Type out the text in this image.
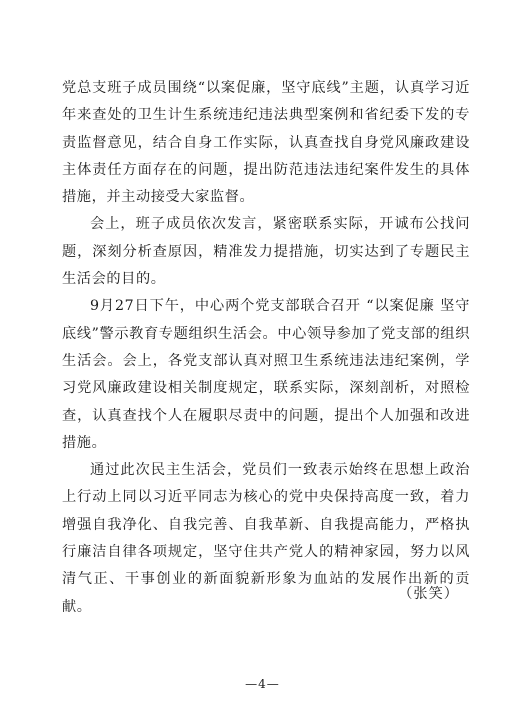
党总支班子成员围绕“以案促廉，坚守底线”主题，认真学习近年来查处的卫生计生系统违纪违法典型案例和省纪委下发的专责监督意见，结合自身工作实际，认真查找自身党风廉政建设主体责任方面存在的问题，提出防范违法违纪案件发生的具体措施，并主动接受大家监督。

会上，班子成员依次发言，紧密联系实际，开诚布公找问题，深刻分析查原因，精准发力提措施，切实达到了专题民主生活会的目的。

9月27日下午，中心两个党支部联合召开 “以案促廉 坚守底线”警示教育专题组织生活会。中心领导参加了党支部的组织生活会。会上，各党支部认真对照卫生系统违法违纪案例，学习党风廉政建设相关制度规定，联系实际，深刻剖析，对照检查，认真查找个人在履职尽责中的问题，提出个人加强和改进措施。

通过此次民主生活会，党员们一致表示始终在思想上政治上行动上同以习近平同志为核心的党中央保持高度一致，着力增强自我净化、自我完善、自我革新、自我提高能力，严格执行廉洁自律各项规定，坚守住共产党人的精神家园，努力以风清气正、干事创业的新面貌新形象为血站的发展作出新的贡献。

（张笑）
—4—
